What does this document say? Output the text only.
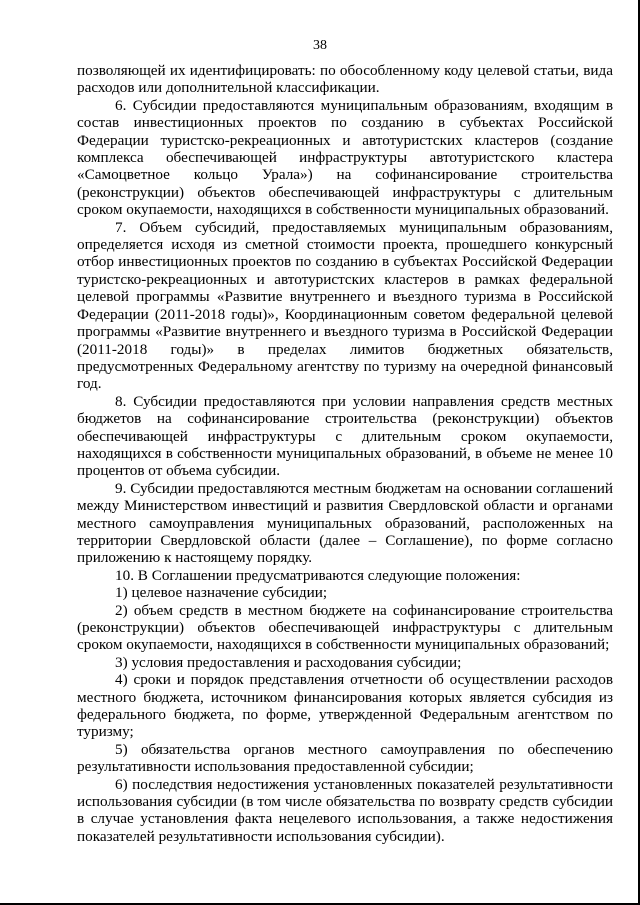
38

позволяющей их идентифицировать: по обособленному коду целевой статьи, вида расходов или дополнительной классификации.

6. Субсидии предоставляются муниципальным образованиям, входящим в состав инвестиционных проектов по созданию в субъектах Российской Федерации туристско-рекреационных и автотуристских кластеров (создание комплекса обеспечивающей инфраструктуры автотуристского кластера «Самоцветное кольцо Урала») на софинансирование строительства (реконструкции) объектов обеспечивающей инфраструктуры с длительным сроком окупаемости, находящихся в собственности муниципальных образований.

7. Объем субсидий, предоставляемых муниципальным образованиям, определяется исходя из сметной стоимости проекта, прошедшего конкурсный отбор инвестиционных проектов по созданию в субъектах Российской Федерации туристско-рекреационных и автотуристских кластеров в рамках федеральной целевой программы «Развитие внутреннего и въездного туризма в Российской Федерации (2011-2018 годы)», Координационным советом федеральной целевой программы «Развитие внутреннего и въездного туризма в Российской Федерации (2011-2018 годы)» в пределах лимитов бюджетных обязательств, предусмотренных Федеральному агентству по туризму на очередной финансовый год.

8. Субсидии предоставляются при условии направления средств местных бюджетов на софинансирование строительства (реконструкции) объектов обеспечивающей инфраструктуры с длительным сроком окупаемости, находящихся в собственности муниципальных образований, в объеме не менее 10 процентов от объема субсидии.

9. Субсидии предоставляются местным бюджетам на основании соглашений между Министерством инвестиций и развития Свердловской области и органами местного самоуправления муниципальных образований, расположенных на территории Свердловской области (далее – Соглашение), по форме согласно приложению к настоящему порядку.

10. В Соглашении предусматриваются следующие положения:

1) целевое назначение субсидии;

2) объем средств в местном бюджете на софинансирование строительства (реконструкции) объектов обеспечивающей инфраструктуры с длительным сроком окупаемости, находящихся в собственности муниципальных образований;

3) условия предоставления и расходования субсидии;

4) сроки и порядок представления отчетности об осуществлении расходов местного бюджета, источником финансирования которых является субсидия из федерального бюджета, по форме, утвержденной Федеральным агентством по туризму;

5) обязательства органов местного самоуправления по обеспечению результативности использования предоставленной субсидии;

6) последствия недостижения установленных показателей результативности использования субсидии (в том числе обязательства по возврату средств субсидии в случае установления факта нецелевого использования, а также недостижения показателей результативности использования субсидии).
